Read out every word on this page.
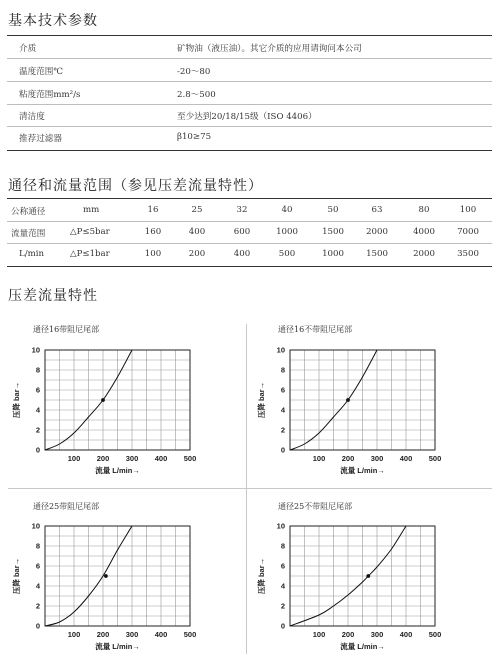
基本技术参数
介质	矿物油（液压油）。其它介质的应用请询问本公司
温度范围℃	-20～80
粘度范围mm²/s	2.8～500
清洁度	至少达到20/18/15级（ISO 4406）
推荐过滤器	β10≥75
通径和流量范围（参见压差流量特性）
公称通径	mm	16	25	32	40	50	63	80	100
流量范围	△P≤5bar	160	400	600	1000	1500	2000	4000	7000
L/min	△P≤1bar	100	200	400	500	1000	1500	2000	3500
压差流量特性
通径16带阻尼尾部
0
2
4
6
8
10
100 200 300 400 500
流量 L/min→
压降 bar→
通径16不带阻尼尾部
0
2
4
6
8
10
100 200 300 400 500
流量 L/min→
压降 bar→
通径25带阻尼尾部
0
2
4
6
8
10
100 200 300 400 500
流量 L/min→
压降 bar→
通径25不带阻尼尾部
0
2
4
6
8
10
100 200 300 400 500
流量 L/min→
压降 bar→
